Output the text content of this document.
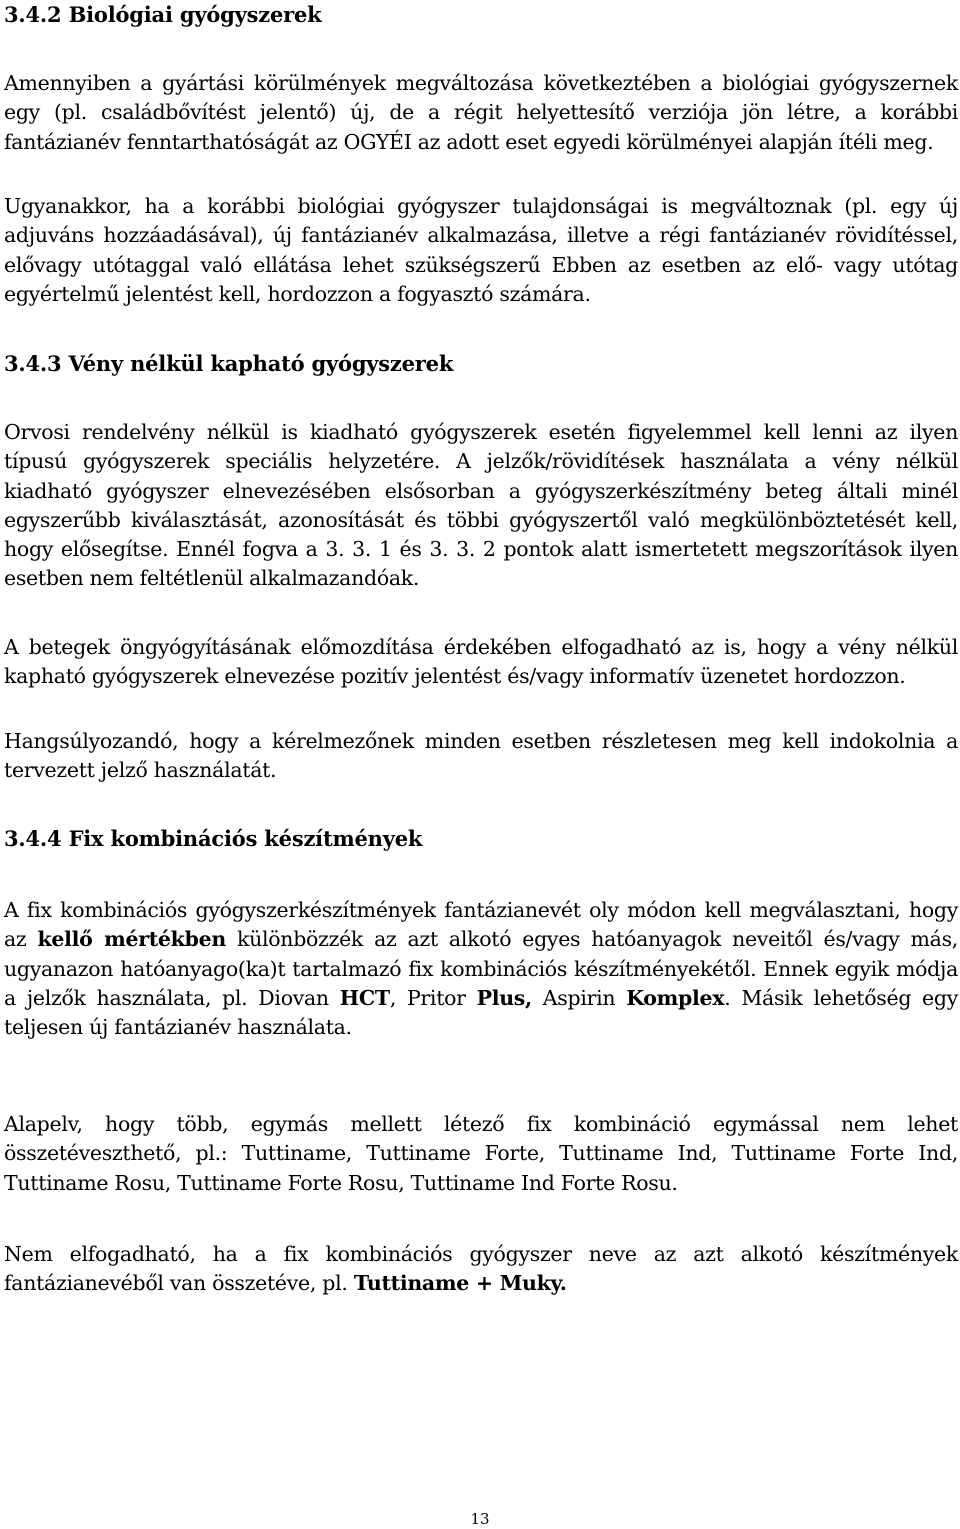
3.4.2 Biológiai gyógyszerek

Amennyiben a gyártási körülmények megváltozása következtében a biológiai gyógyszernek egy (pl. családbővítést jelentő) új, de a régit helyettesítő verziója jön létre, a korábbi fantázianév fenntarthatóságát az OGYÉI az adott eset egyedi körülményei alapján ítéli meg.

Ugyanakkor, ha a korábbi biológiai gyógyszer tulajdonságai is megváltoznak (pl. egy új adjuváns hozzáadásával), új fantázianév alkalmazása, illetve a régi fantázianév rövidítéssel, elővagy utótaggal való ellátása lehet szükségszerű Ebben az esetben az elő- vagy utótag egyértelmű jelentést kell, hordozzon a fogyasztó számára.

3.4.3 Vény nélkül kapható gyógyszerek

Orvosi rendelvény nélkül is kiadható gyógyszerek esetén figyelemmel kell lenni az ilyen típusú gyógyszerek speciális helyzetére. A jelzők/rövidítések használata a vény nélkül kiadható gyógyszer elnevezésében elsősorban a gyógyszerkészítmény beteg általi minél egyszerűbb kiválasztását, azonosítását és többi gyógyszertől való megkülönböztetését kell, hogy elősegítse. Ennél fogva a 3. 3. 1 és 3. 3. 2 pontok alatt ismertetett megszorítások ilyen esetben nem feltétlenül alkalmazandóak.

A betegek öngyógyításának előmozdítása érdekében elfogadható az is, hogy a vény nélkül kapható gyógyszerek elnevezése pozitív jelentést és/vagy informatív üzenetet hordozzon.

Hangsúlyozandó, hogy a kérelmezőnek minden esetben részletesen meg kell indokolnia a tervezett jelző használatát.

3.4.4 Fix kombinációs készítmények

A fix kombinációs gyógyszerkészítmények fantázianevét oly módon kell megválasztani, hogy az kellő mértékben különbözzék az azt alkotó egyes hatóanyagok neveitől és/vagy más, ugyanazon hatóanyago(ka)t tartalmazó fix kombinációs készítményekétől. Ennek egyik módja a jelzők használata, pl. Diovan HCT, Pritor Plus, Aspirin Komplex. Másik lehetőség egy teljesen új fantázianév használata.

Alapelv, hogy több, egymás mellett létező fix kombináció egymással nem lehet összetéveszthető, pl.: Tuttiname, Tuttiname Forte, Tuttiname Ind, Tuttiname Forte Ind, Tuttiname Rosu, Tuttiname Forte Rosu, Tuttiname Ind Forte Rosu.

Nem elfogadható, ha a fix kombinációs gyógyszer neve az azt alkotó készítmények fantázianevéből van összetéve, pl. Tuttiname + Muky.

13
